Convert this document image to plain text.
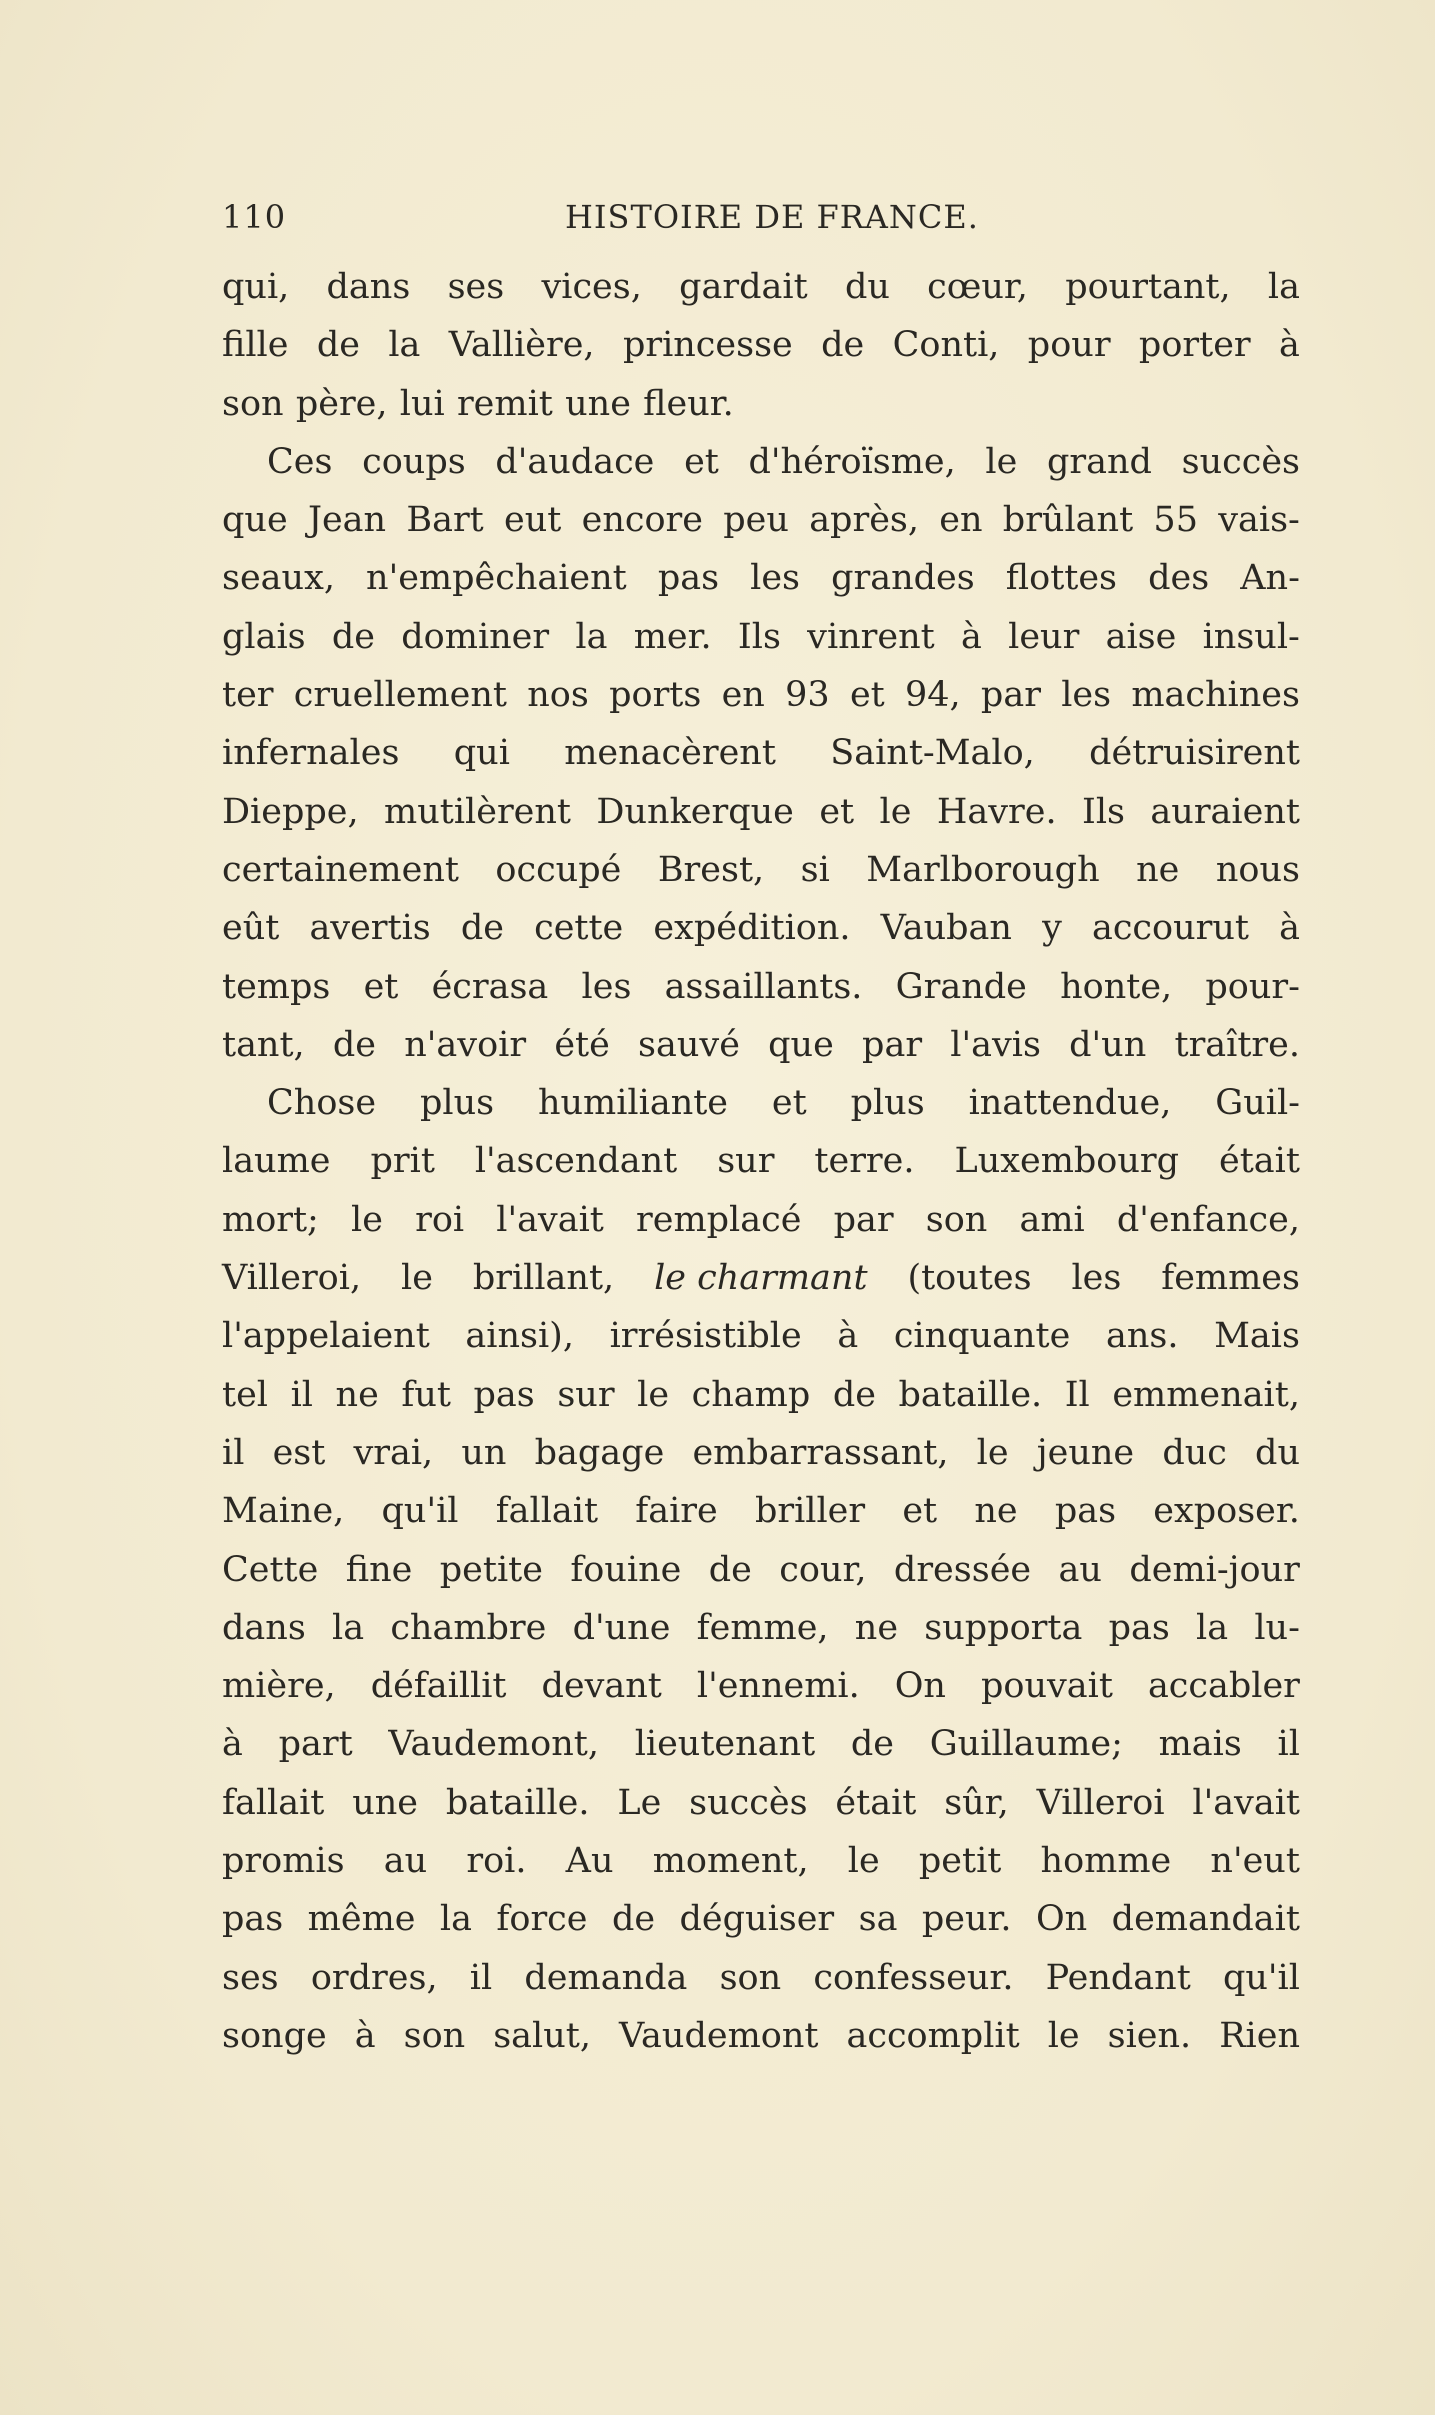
110	HISTOIRE DE FRANCE.
qui, dans ses vices, gardait du cœur, pourtant, la
fille de la Vallière, princesse de Conti, pour porter à
son père, lui remit une fleur.
Ces coups d'audace et d'héroïsme, le grand succès
que Jean Bart eut encore peu après, en brûlant 55 vais-
seaux, n'empêchaient pas les grandes flottes des An-
glais de dominer la mer. Ils vinrent à leur aise insul-
ter cruellement nos ports en 93 et 94, par les machines
infernales qui menacèrent Saint-Malo, détruisirent
Dieppe, mutilèrent Dunkerque et le Havre. Ils auraient
certainement occupé Brest, si Marlborough ne nous
eût avertis de cette expédition. Vauban y accourut à
temps et écrasa les assaillants. Grande honte, pour-
tant, de n'avoir été sauvé que par l'avis d'un traître.
Chose plus humiliante et plus inattendue, Guil-
laume prit l'ascendant sur terre. Luxembourg était
mort; le roi l'avait remplacé par son ami d'enfance,
Villeroi, le brillant, le charmant (toutes les femmes
l'appelaient ainsi), irrésistible à cinquante ans. Mais
tel il ne fut pas sur le champ de bataille. Il emmenait,
il est vrai, un bagage embarrassant, le jeune duc du
Maine, qu'il fallait faire briller et ne pas exposer.
Cette fine petite fouine de cour, dressée au demi-jour
dans la chambre d'une femme, ne supporta pas la lu-
mière, défaillit devant l'ennemi. On pouvait accabler
à part Vaudemont, lieutenant de Guillaume; mais il
fallait une bataille. Le succès était sûr, Villeroi l'avait
promis au roi. Au moment, le petit homme n'eut
pas même la force de déguiser sa peur. On demandait
ses ordres, il demanda son confesseur. Pendant qu'il
songe à son salut, Vaudemont accomplit le sien. Rien
